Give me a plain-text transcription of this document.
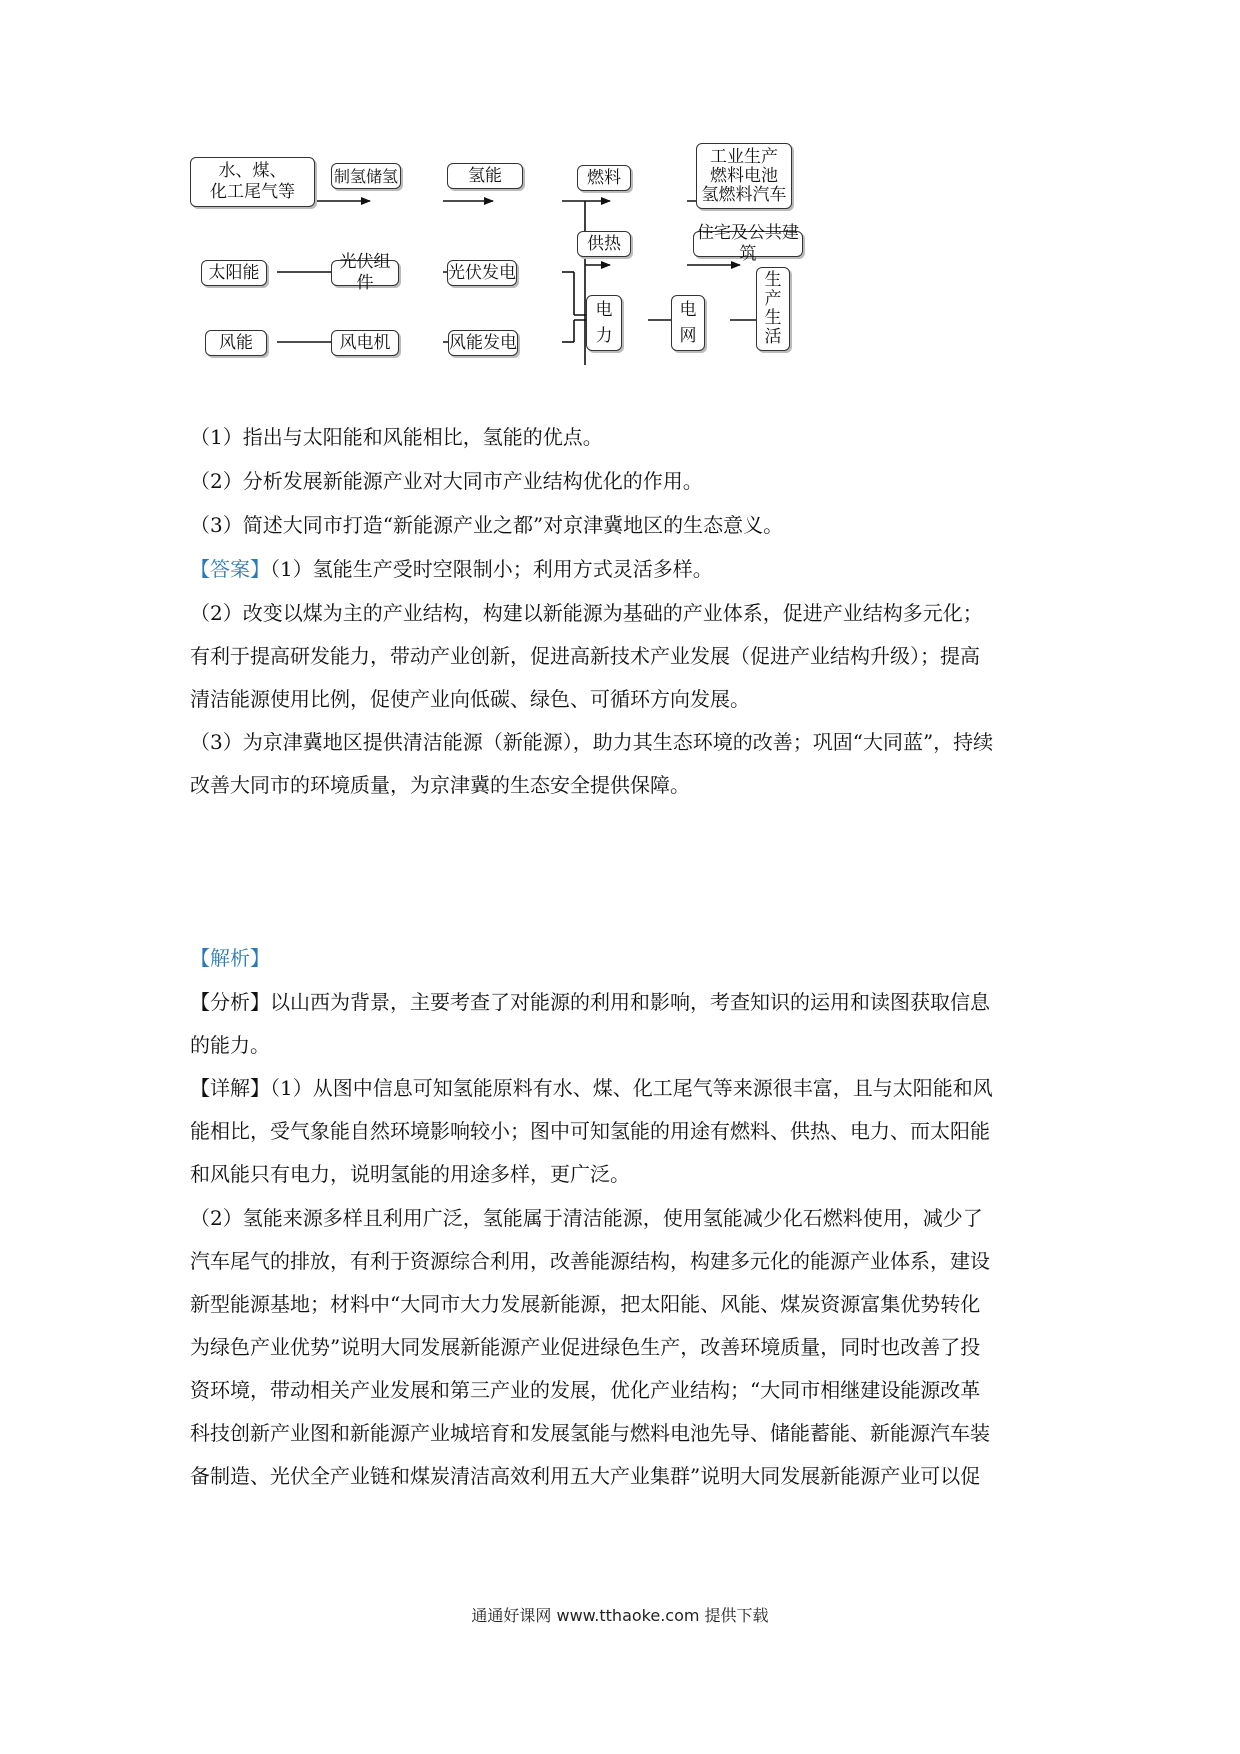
水、煤、
化工尾气等
制氢储氢	氢能	燃料
工业生产
燃料电池
氢燃料汽车
供热
住宅及公共建筑
太阳能
光伏组件
光伏发电
风能	风电机	风能发电
电
力
电
网
生
产
生
活
（1）指出与太阳能和风能相比，氢能的优点。
（2）分析发展新能源产业对大同市产业结构优化的作用。
（3）简述大同市打造“新能源产业之都”对京津冀地区的生态意义。
【答案】（1）氢能生产受时空限制小；利用方式灵活多样。
（2）改变以煤为主的产业结构，构建以新能源为基础的产业体系，促进产业结构多元化；
有利于提高研发能力，带动产业创新，促进高新技术产业发展（促进产业结构升级）；提高
清洁能源使用比例，促使产业向低碳、绿色、可循环方向发展。
（3）为京津冀地区提供清洁能源（新能源），助力其生态环境的改善；巩固“大同蓝”，持续
改善大同市的环境质量，为京津冀的生态安全提供保障。
【解析】
【分析】以山西为背景，主要考查了对能源的利用和影响，考查知识的运用和读图获取信息
的能力。
【详解】（1）从图中信息可知氢能原料有水、煤、化工尾气等来源很丰富，且与太阳能和风
能相比，受气象能自然环境影响较小；图中可知氢能的用途有燃料、供热、电力、而太阳能
和风能只有电力，说明氢能的用途多样，更广泛。
（2）氢能来源多样且利用广泛，氢能属于清洁能源，使用氢能减少化石燃料使用，减少了
汽车尾气的排放，有利于资源综合利用，改善能源结构，构建多元化的能源产业体系，建设
新型能源基地；材料中“大同市大力发展新能源，把太阳能、风能、煤炭资源富集优势转化
为绿色产业优势”说明大同发展新能源产业促进绿色生产，改善环境质量，同时也改善了投
资环境，带动相关产业发展和第三产业的发展，优化产业结构；“大同市相继建设能源改革
科技创新产业图和新能源产业城培育和发展氢能与燃料电池先导、储能蓄能、新能源汽车装
备制造、光伏全产业链和煤炭清洁高效利用五大产业集群”说明大同发展新能源产业可以促
通通好课网 www.tthaoke.com 提供下载
